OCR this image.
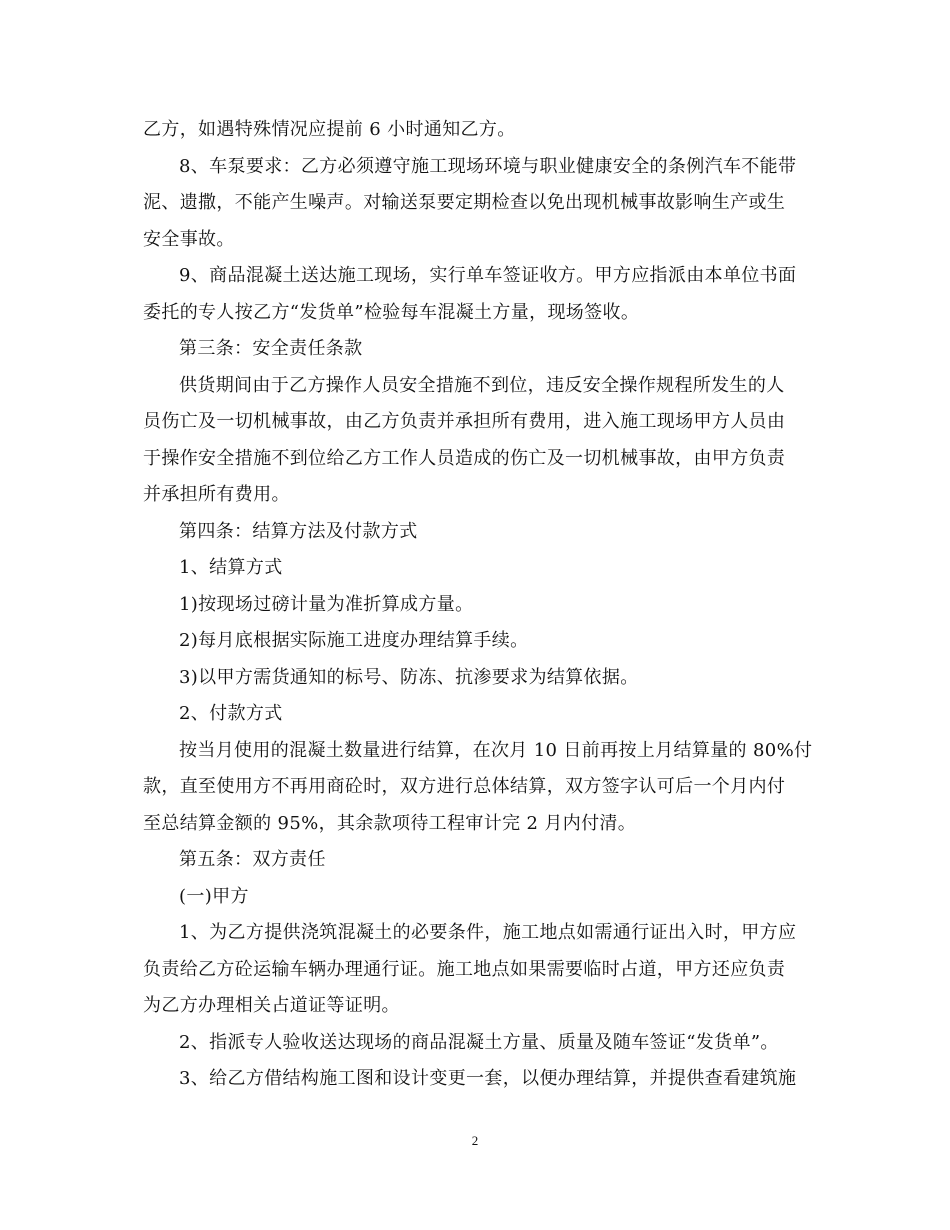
乙方，如遇特殊情况应提前 6 小时通知乙方。
8、车泵要求：乙方必须遵守施工现场环境与职业健康安全的条例汽车不能带
泥、遗撒，不能产生噪声。对输送泵要定期检查以免出现机械事故影响生产或生
安全事故。
9、商品混凝土送达施工现场，实行单车签证收方。甲方应指派由本单位书面
委托的专人按乙方“发货单”检验每车混凝土方量，现场签收。
第三条：安全责任条款
供货期间由于乙方操作人员安全措施不到位，违反安全操作规程所发生的人
员伤亡及一切机械事故，由乙方负责并承担所有费用，进入施工现场甲方人员由
于操作安全措施不到位给乙方工作人员造成的伤亡及一切机械事故，由甲方负责
并承担所有费用。
第四条：结算方法及付款方式
1、结算方式
1)按现场过磅计量为准折算成方量。
2)每月底根据实际施工进度办理结算手续。
3)以甲方需货通知的标号、防冻、抗渗要求为结算依据。
2、付款方式
按当月使用的混凝土数量进行结算，在次月 10 日前再按上月结算量的 80%付
款，直至使用方不再用商砼时，双方进行总体结算，双方签字认可后一个月内付
至总结算金额的 95%，其余款项待工程审计完 2 月内付清。
第五条：双方责任
(一)甲方
1、为乙方提供浇筑混凝土的必要条件，施工地点如需通行证出入时，甲方应
负责给乙方砼运输车辆办理通行证。施工地点如果需要临时占道，甲方还应负责
为乙方办理相关占道证等证明。
2、指派专人验收送达现场的商品混凝土方量、质量及随车签证“发货单”。
3、给乙方借结构施工图和设计变更一套，以便办理结算，并提供查看建筑施
2
